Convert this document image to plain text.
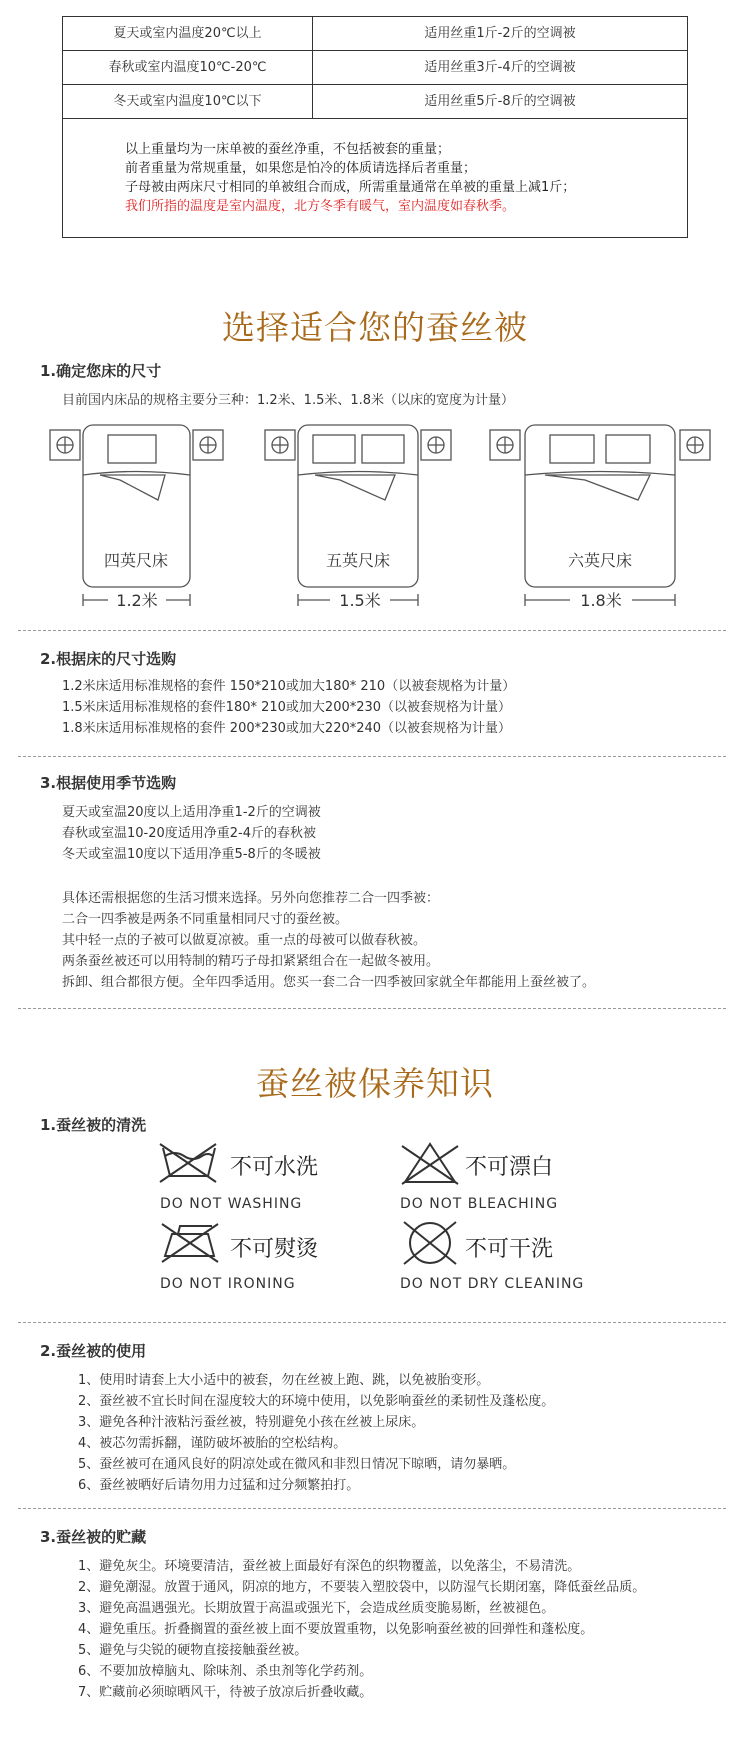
夏天或室内温度20℃以上	适用丝重1斤-2斤的空调被
春秋或室内温度10℃-20℃	适用丝重3斤-4斤的空调被
冬天或室内温度10℃以下	适用丝重5斤-8斤的空调被
以上重量均为一床单被的蚕丝净重，不包括被套的重量；
前者重量为常规重量，如果您是怕冷的体质请选择后者重量；
子母被由两床尺寸相同的单被组合而成，所需重量通常在单被的重量上减1斤；
我们所指的温度是室内温度，北方冬季有暖气，室内温度如春秋季。
选择适合您的蚕丝被
1.确定您床的尺寸
目前国内床品的规格主要分三种：1.2米、1.5米、1.8米（以床的宽度为计量）
四英尺床	五英尺床	六英尺床
1.2米	1.5米	1.8米
2.根据床的尺寸选购
1.2米床适用标准规格的套件 150*210或加大180* 210（以被套规格为计量）
1.5米床适用标准规格的套件180* 210或加大200*230（以被套规格为计量）
1.8米床适用标准规格的套件 200*230或加大220*240（以被套规格为计量）
3.根据使用季节选购
夏天或室温20度以上适用净重1-2斤的空调被
春秋或室温10-20度适用净重2-4斤的春秋被
冬天或室温10度以下适用净重5-8斤的冬暖被
具体还需根据您的生活习惯来选择。另外向您推荐二合一四季被：
二合一四季被是两条不同重量相同尺寸的蚕丝被。
其中轻一点的子被可以做夏凉被。重一点的母被可以做春秋被。
两条蚕丝被还可以用特制的精巧子母扣紧紧组合在一起做冬被用。
拆卸、组合都很方便。全年四季适用。您买一套二合一四季被回家就全年都能用上蚕丝被了。
蚕丝被保养知识
1.蚕丝被的清洗
不可水洗
DO NOT WASHING
不可漂白
DO NOT BLEACHING
不可熨烫
DO NOT IRONING
不可干洗
DO NOT DRY CLEANING
2.蚕丝被的使用
1、使用时请套上大小适中的被套，勿在丝被上跑、跳，以免被胎变形。
2、蚕丝被不宜长时间在湿度较大的环境中使用，以免影响蚕丝的柔韧性及蓬松度。
3、避免各种汁液粘污蚕丝被，特别避免小孩在丝被上尿床。
4、被芯勿需拆翻，谨防破坏被胎的空松结构。
5、蚕丝被可在通风良好的阴凉处或在微风和非烈日情况下晾晒，请勿暴晒。
6、蚕丝被晒好后请勿用力过猛和过分频繁拍打。
3.蚕丝被的贮藏
1、避免灰尘。环境要清洁，蚕丝被上面最好有深色的织物覆盖，以免落尘，不易清洗。
2、避免潮湿。放置于通风，阴凉的地方，不要装入塑胶袋中，以防湿气长期闭塞，降低蚕丝品质。
3、避免高温遇强光。长期放置于高温或强光下，会造成丝质变脆易断，丝被褪色。
4、避免重压。折叠搁置的蚕丝被上面不要放置重物，以免影响蚕丝被的回弹性和蓬松度。
5、避免与尖锐的硬物直接接触蚕丝被。
6、不要加放樟脑丸、除味剂、杀虫剂等化学药剂。
7、贮藏前必须晾晒风干，待被子放凉后折叠收藏。
